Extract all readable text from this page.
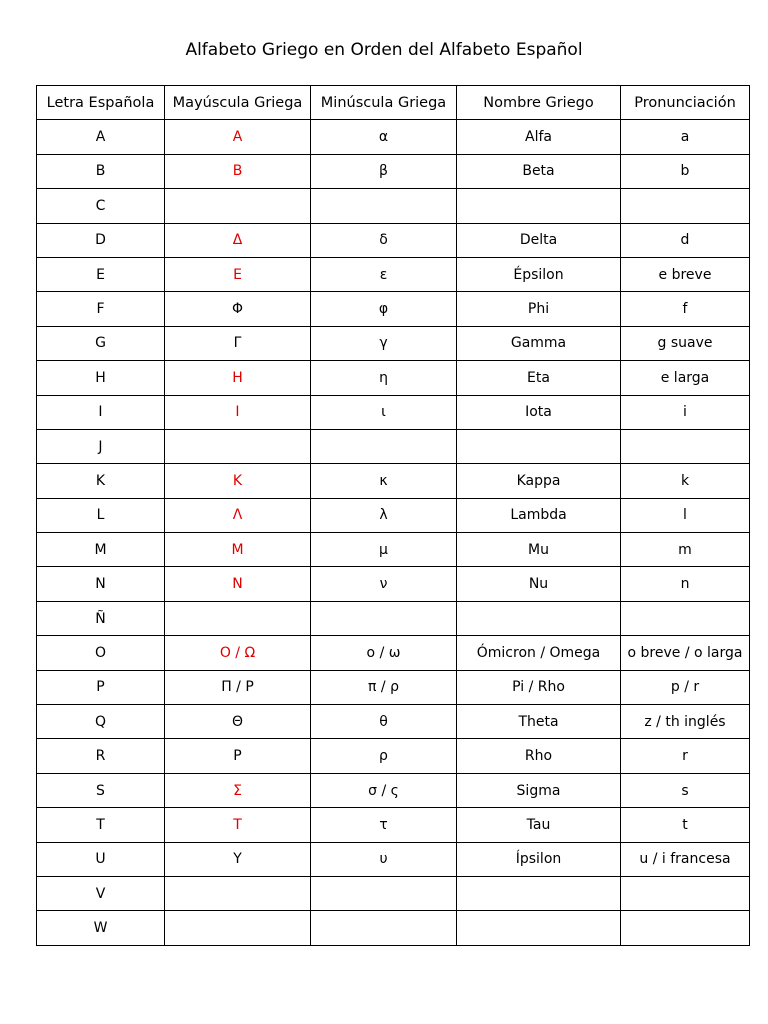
Alfabeto Griego en Orden del Alfabeto Español
Letra Española	Mayúscula Griega	Minúscula Griega	Nombre Griego	Pronunciación
A	Α	α	Alfa	a
B	Β	β	Beta	b
C				
D	Δ	δ	Delta	d
E	Ε	ε	Épsilon	e breve
F	Φ	φ	Phi	f
G	Γ	γ	Gamma	g suave
H	Η	η	Eta	e larga
I	Ι	ι	Iota	i
J				
K	Κ	κ	Kappa	k
L	Λ	λ	Lambda	l
M	Μ	μ	Mu	m
N	Ν	ν	Nu	n
Ñ				
O	Ο / Ω	ο / ω	Ómicron / Omega	o breve / o larga
P	Π / Ρ	π / ρ	Pi / Rho	p / r
Q	Θ	θ	Theta	z / th inglés
R	Ρ	ρ	Rho	r
S	Σ	σ / ς	Sigma	s
T	Τ	τ	Tau	t
U	Υ	υ	Ípsilon	u / i francesa
V				
W				
